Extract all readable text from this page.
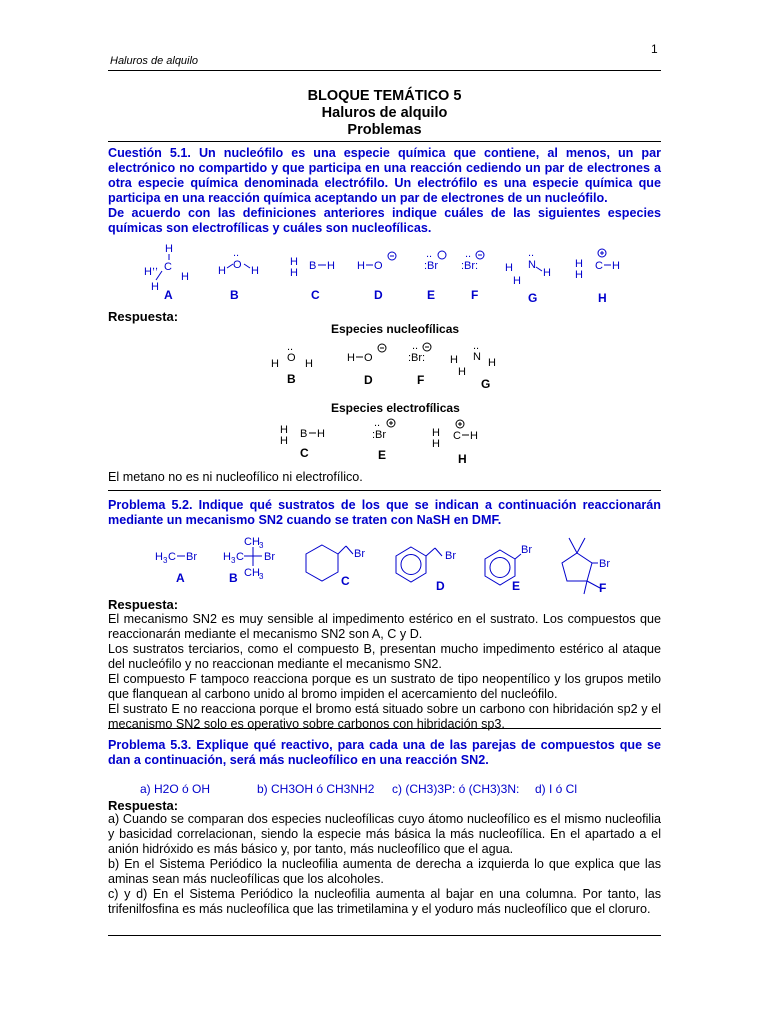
1
Haluros de alquilo
BLOQUE TEMÁTICO 5
Haluros de alquilo
Problemas

Cuestión 5.1. Un nucleófilo es una especie química que contiene, al menos, un par electrónico no compartido y que participa en una reacción cediendo un par de electrones a otra especie química denominada electrófilo. Un electrófilo es una especie química que participa en una reacción química aceptando un par de electrones de un nucleófilo.

De acuerdo con las definiciones anteriores indique cuáles de las siguientes especies químicas son electrofílicas y cuáles son nucleofílicas.

H
C
H ,,
H
H
A
..
O
H H
B
H
H
B H
C
H O
D
:Br
..
E
:Br:
..
F
..
N
H	H
H
G
H
H
C H
H
Respuesta:
Especies nucleofílicas
..
O
H H
B
H O
D
:Br:
..
F
..
N
H	H
H
G
Especies electrofílicas
H
H
B H
C
:Br
..
E
H
H
C H
H
El metano no es ni nucleofílico ni electrofílico.
Problema 5.2. Indique qué sustratos de los que se indican a continuación reaccionarán mediante un mecanismo SN2 cuando se traten con NaSH en DMF.
H 3 C Br
A
CH 3
H 3 C Br
CH 3
B
Br
C
Br
D
Br
E
Br
F
Respuesta:

El mecanismo SN2 es muy sensible al impedimento estérico en el sustrato. Los compuestos que reaccionarán mediante el mecanismo SN2 son A, C y D.

Los sustratos terciarios, como el compuesto B, presentan mucho impedimento estérico al ataque del nucleófilo y no reaccionan mediante el mecanismo SN2.

El compuesto F tampoco reacciona porque es un sustrato de tipo neopentílico y los grupos metilo que flanquean al carbono unido al bromo impiden el acercamiento del nucleófilo.

El sustrato E no reacciona porque el bromo está situado sobre un carbono con hibridación sp2 y el mecanismo SN2 solo es operativo sobre carbonos con hibridación sp3.

Problema 5.3. Explique qué reactivo, para cada una de las parejas de compuestos que se dan a continuación, será más nucleofílico en una reacción SN2.
a) H2O ó OH	b) CH3OH ó CH3NH2 c) (CH3)3P: ó (CH3)3N: d) I ó Cl
Respuesta:

a) Cuando se comparan dos especies nucleofílicas cuyo átomo nucleofílico es el mismo nucleofilia y basicidad correlacionan, siendo la especie más básica la más nucleofílica. En el apartado a el anión hidróxido es más básico y, por tanto, más nucleofílico que el agua.

b) En el Sistema Periódico la nucleofilia aumenta de derecha a izquierda lo que explica que las aminas sean más nucleofílicas que los alcoholes.

c) y d) En el Sistema Periódico la nucleofilia aumenta al bajar en una columna. Por tanto, las trifenilfosfina es más nucleofílica que las trimetilamina y el yoduro más nucleofílico que el cloruro.
